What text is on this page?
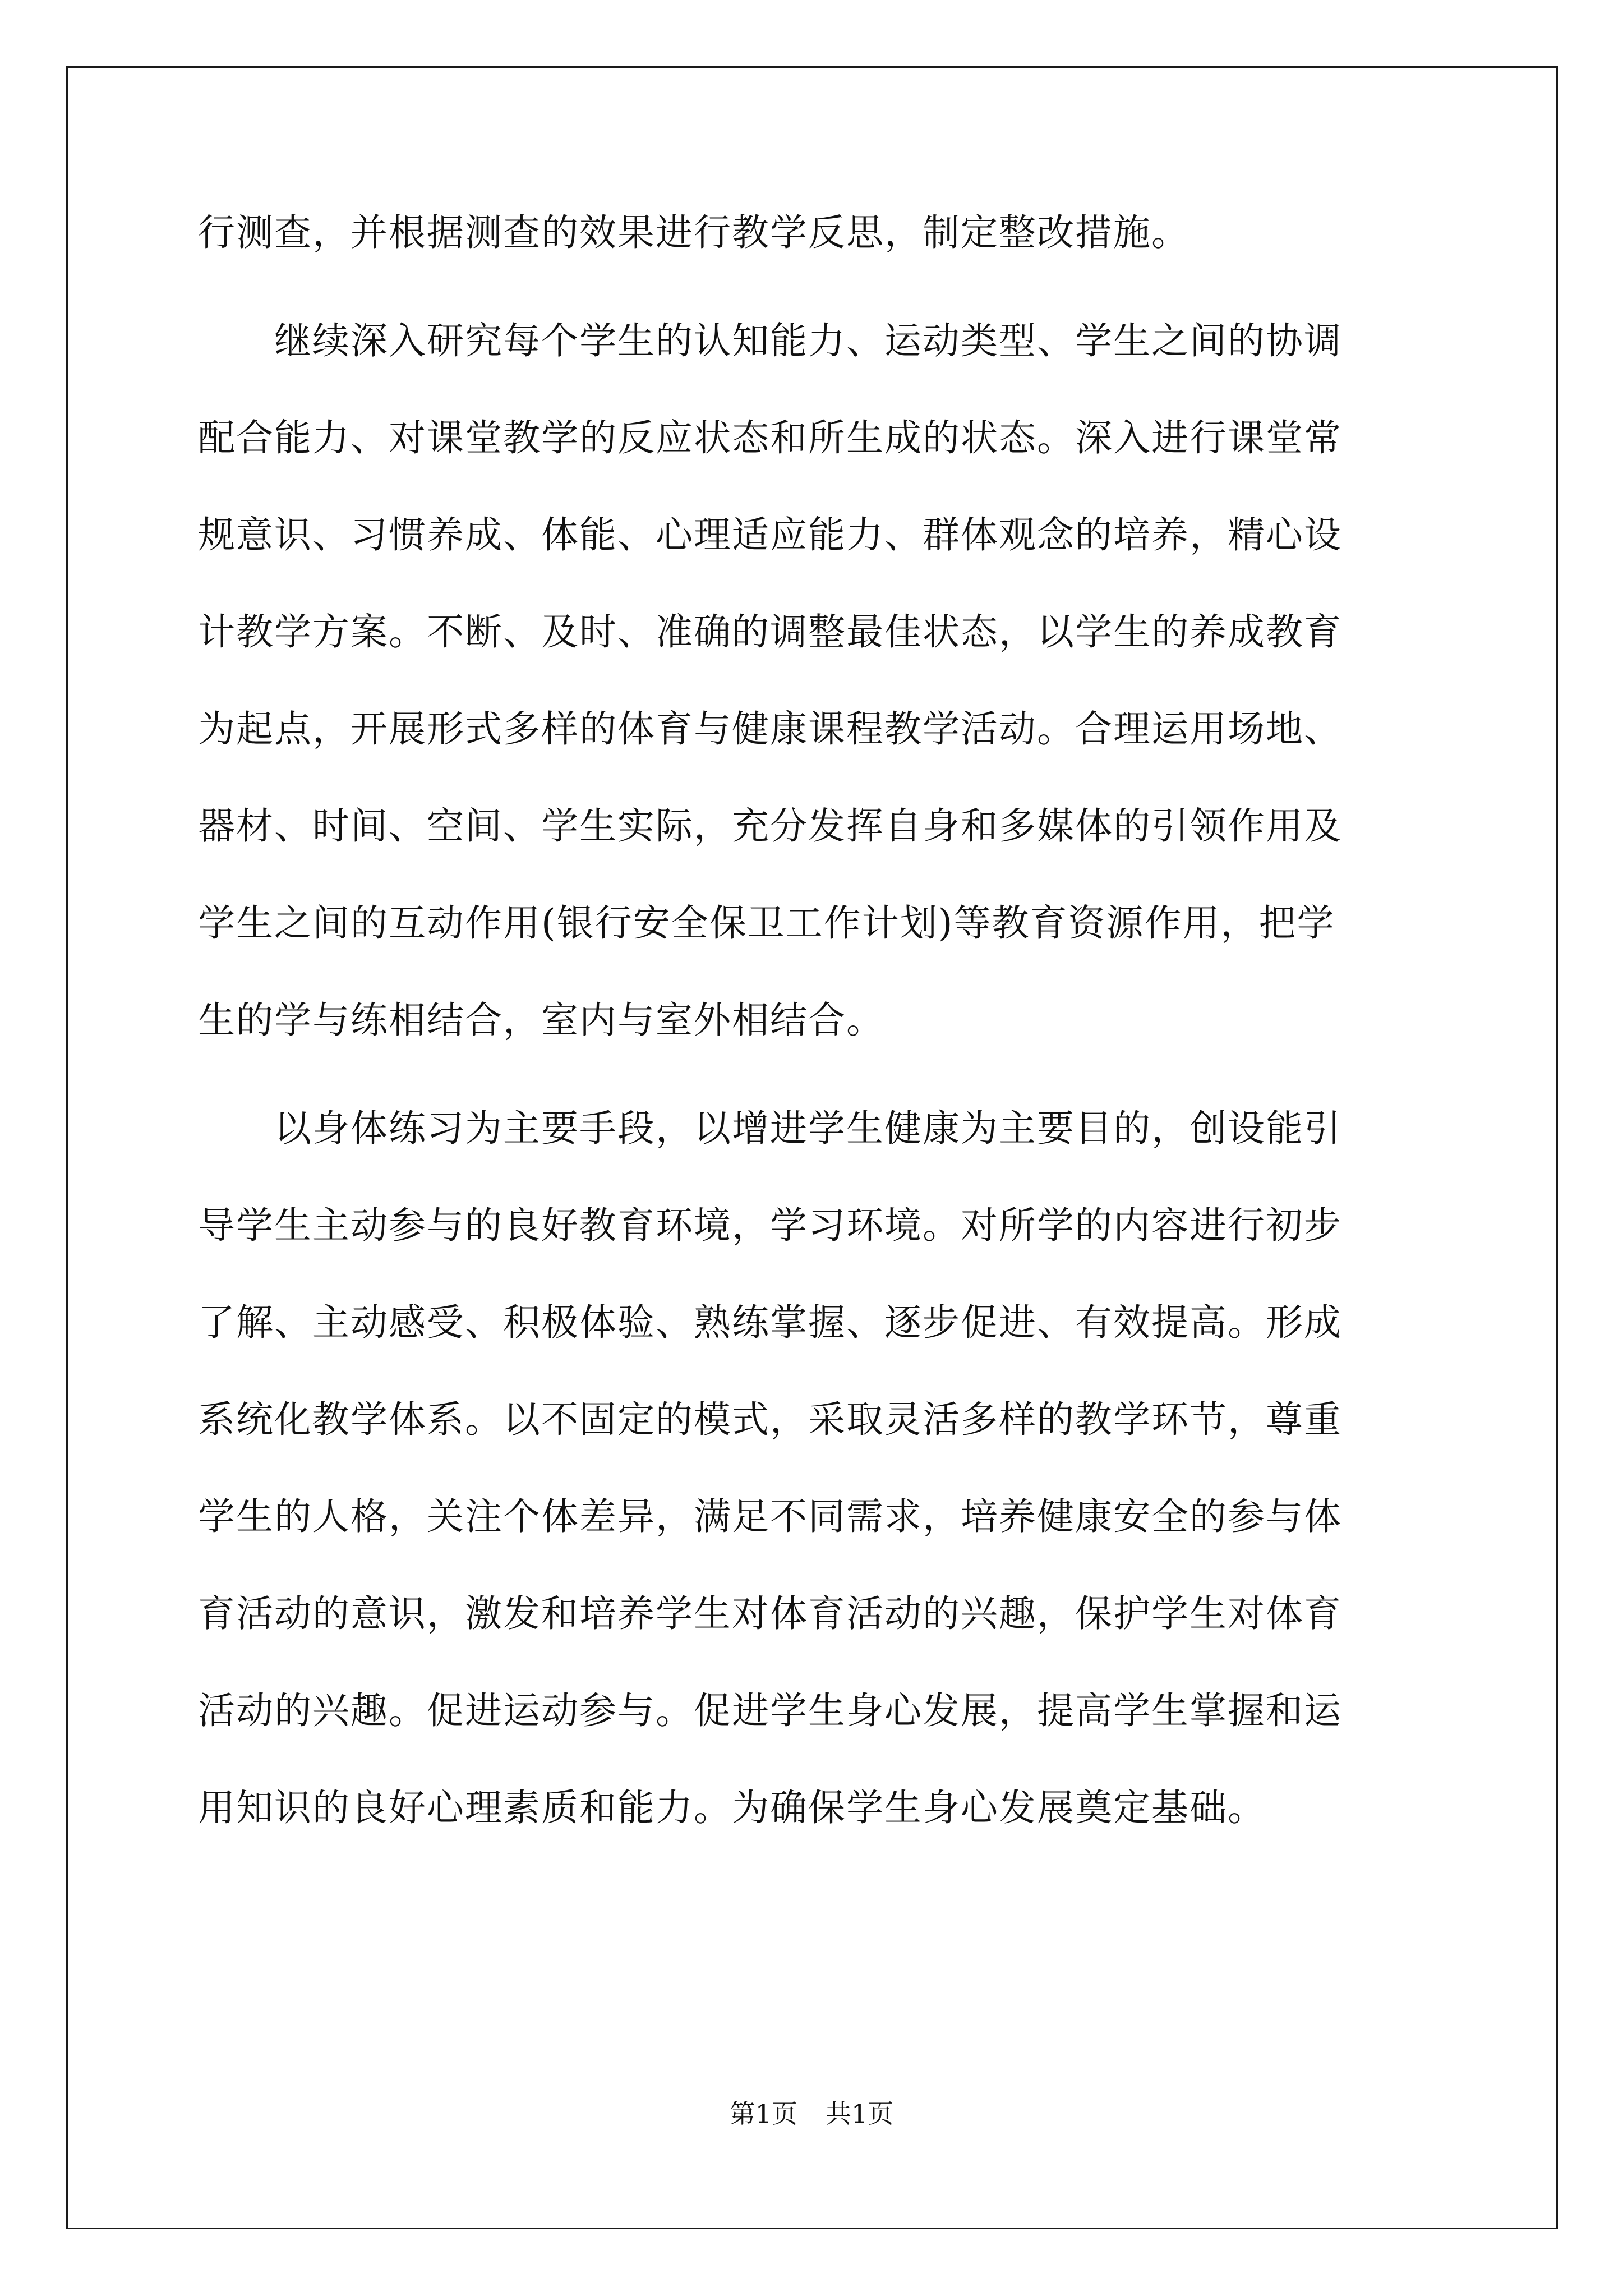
行测查，并根据测查的效果进行教学反思，制定整改措施。
　　继续深入研究每个学生的认知能力、运动类型、学生之间的协调
配合能力、对课堂教学的反应状态和所生成的状态。深入进行课堂常
规意识、习惯养成、体能、心理适应能力、群体观念的培养，精心设
计教学方案。不断、及时、准确的调整最佳状态，以学生的养成教育
为起点，开展形式多样的体育与健康课程教学活动。合理运用场地、
器材、时间、空间、学生实际，充分发挥自身和多媒体的引领作用及
学生之间的互动作用(银行安全保卫工作计划)等教育资源作用，把学
生的学与练相结合，室内与室外相结合。
　　以身体练习为主要手段，以增进学生健康为主要目的，创设能引
导学生主动参与的良好教育环境，学习环境。对所学的内容进行初步
了解、主动感受、积极体验、熟练掌握、逐步促进、有效提高。形成
系统化教学体系。以不固定的模式，采取灵活多样的教学环节，尊重
学生的人格，关注个体差异，满足不同需求，培养健康安全的参与体
育活动的意识，激发和培养学生对体育活动的兴趣，保护学生对体育
活动的兴趣。促进运动参与。促进学生身心发展，提高学生掌握和运
用知识的良好心理素质和能力。为确保学生身心发展奠定基础。
第1页 共1页
